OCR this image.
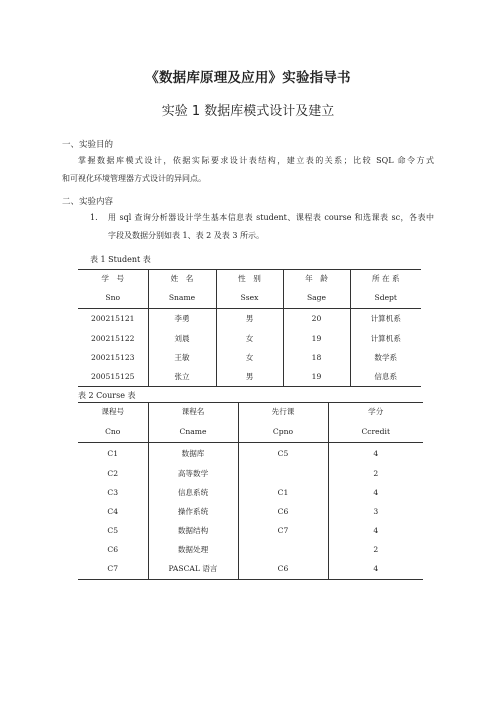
《数据库原理及应用》实验指导书
实验 1 数据库模式设计及建立
一、实验目的
掌握数据库模式设计，依据实际要求设计表结构，建立表的关系；比较 SQL 命令方式
和可视化环境管理器方式设计的异同点。
二、实验内容
1. 用 sql 查询分析器设计学生基本信息表 student、课程表 course 和选课表 sc，各表中
字段及数据分别如表 1、表 2 及表 3 所示。
表 1 Student 表
学　号	姓　名	性　别	年　龄	所 在 系
Sno	Sname	Ssex	Sage	Sdept
200215121	李勇	男	20	计算机系
200215122	刘晨	女	19	计算机系
200215123	王敏	女	18	数学系
200515125	张立	男	19	信息系
表 2 Course 表
课程号	课程名	先行课	学分
Cno	Cname	Cpno	Ccredit
C1	数据库	C5	4
C2	高等数学		2
C3	信息系统	C1	4
C4	操作系统	C6	3
C5	数据结构	C7	4
C6	数据处理		2
C7	PASCAL 语言	C6	4
